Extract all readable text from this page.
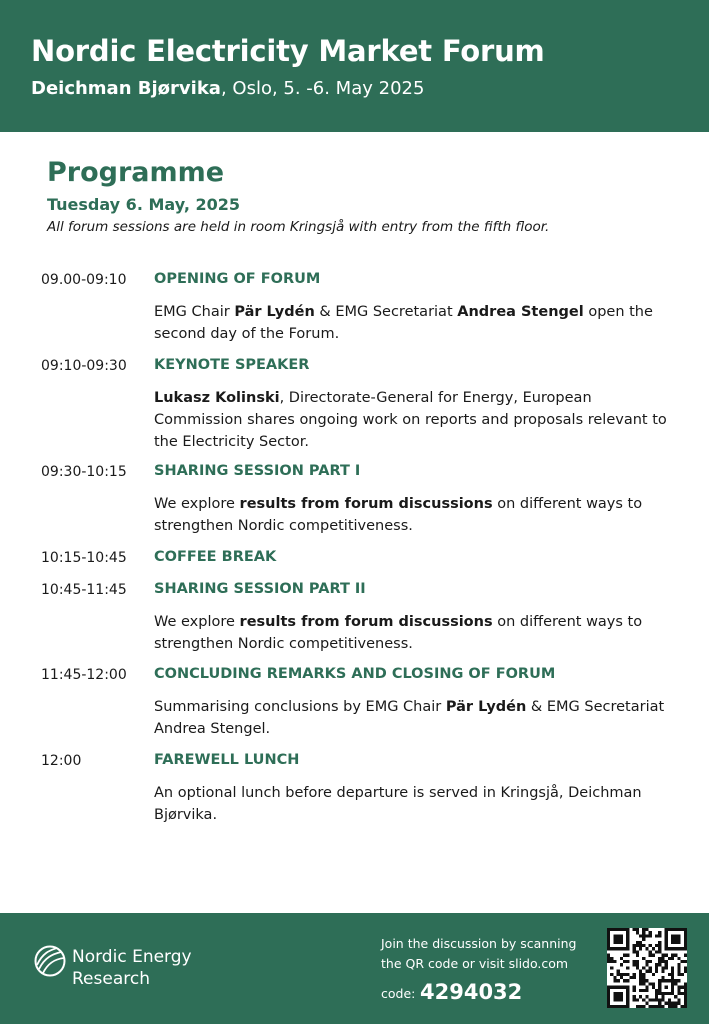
Nordic Electricity Market Forum
Deichman Bjørvika, Oslo, 5. -6. May 2025
Programme
Tuesday 6. May, 2025
All forum sessions are held in room Kringsjå with entry from the fifth floor.
09.00-09:10 OPENING OF FORUM
EMG Chair Pär Lydén & EMG Secretariat Andrea Stengel open the second day of the Forum.
09:10-09:30 KEYNOTE SPEAKER
Lukasz Kolinski, Directorate-General for Energy, European Commission shares ongoing work on reports and proposals relevant to the Electricity Sector.
09:30-10:15 SHARING SESSION PART I
We explore results from forum discussions on different ways to strengthen Nordic competitiveness.
10:15-10:45 COFFEE BREAK
10:45-11:45 SHARING SESSION PART II
We explore results from forum discussions on different ways to strengthen Nordic competitiveness.
11:45-12:00 CONCLUDING REMARKS AND CLOSING OF FORUM
Summarising conclusions by EMG Chair Pär Lydén & EMG Secretariat Andrea Stengel.
12:00	FAREWELL LUNCH
An optional lunch before departure is served in Kringsjå, Deichman Bjørvika.
Nordic Energy
Research
Join the discussion by scanning
the QR code or visit slido.com
code: 4294032
